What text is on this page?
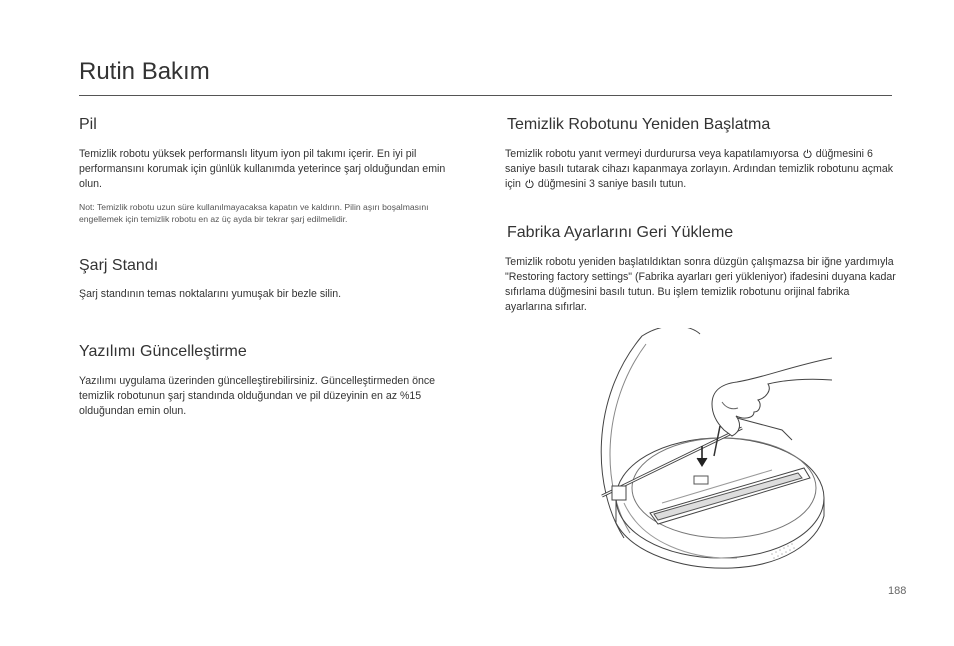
Rutin Bakım
Pil
Temizlik robotu yüksek performanslı lityum iyon pil takımı içerir. En iyi pil performansını korumak için günlük kullanımda yeterince şarj olduğundan emin olun.
Not: Temizlik robotu uzun süre kullanılmayacaksa kapatın ve kaldırın. Pilin aşırı boşalmasını engellemek için temizlik robotu en az üç ayda bir tekrar şarj edilmelidir.
Şarj Standı
Şarj standının temas noktalarını yumuşak bir bezle silin.
Yazılımı Güncelleştirme
Yazılımı uygulama üzerinden güncelleştirebilirsiniz. Güncelleştirmeden önce temizlik robotunun şarj standında olduğundan ve pil düzeyinin en az %15 olduğundan emin olun.
Temizlik Robotunu Yeniden Başlatma
Temizlik robotu yanıt vermeyi durdurursa veya kapatılamıyorsa düğmesini 6 saniye basılı tutarak cihazı kapanmaya zorlayın. Ardından temizlik robotunu açmak için düğmesini 3 saniye basılı tutun.
Fabrika Ayarlarını Geri Yükleme
Temizlik robotu yeniden başlatıldıktan sonra düzgün çalışmazsa bir iğne yardımıyla "Restoring factory settings" (Fabrika ayarları geri yükleniyor) ifadesini duyana kadar sıfırlama düğmesini basılı tutun. Bu işlem temizlik robotunu orijinal fabrika ayarlarına sıfırlar.
188
